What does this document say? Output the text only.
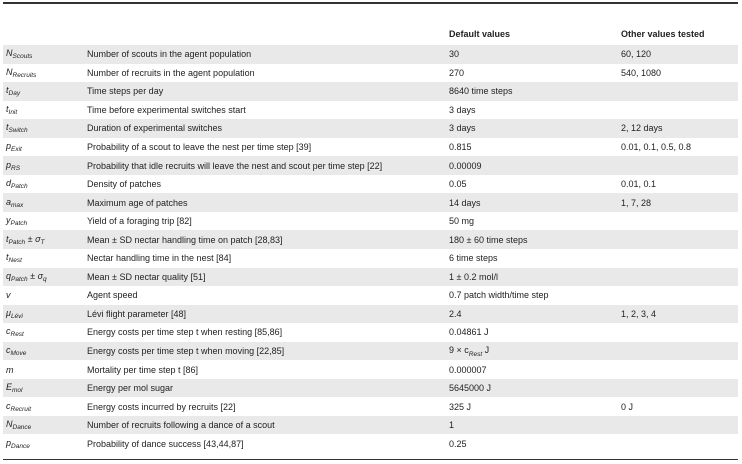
		Default values	Other values tested
$N_{Scouts}$	Number of scouts in the agent population	30	60, 120
$N_{Recruits}$	Number of recruits in the agent population	270	540, 1080
$t_{Day}$	Time steps per day	8640 time steps	
$t_{Init}$	Time before experimental switches start	3 days	
$t_{Switch}$	Duration of experimental switches	3 days	2, 12 days
$p_{Exit}$	Probability of a scout to leave the nest per time step [39]	0.815	0.01, 0.1, 0.5, 0.8
$p_{RS}$	Probability that idle recruits will leave the nest and scout per time step [22]	0.00009	
$d_{Patch}$	Density of patches	0.05	0.01, 0.1
$a_{max}$	Maximum age of patches	14 days	1, 7, 28
$y_{Patch}$	Yield of a foraging trip [82]	50 mg	
$t_{Patch} \pm \sigma_T$	Mean ± SD nectar handling time on patch [28,83]	180 ± 60 time steps	
$t_{Nest}$	Nectar handling time in the nest [84]	6 time steps	
$q_{Patch} \pm \sigma_q$	Mean ± SD nectar quality [51]	1 ± 0.2 mol/l	
v	Agent speed	0.7 patch width/time step	
$\mu_{Lévi}$	Lévi flight parameter [48]	2.4	1, 2, 3, 4
$c_{Rest}$	Energy costs per time step t when resting [85,86]	0.04861 J	
$c_{Move}$	Energy costs per time step t when moving [22,85]	$9 \times c_{Rest}$ J	
m	Mortality per time step t [86]	0.000007	
$E_{mol}$	Energy per mol sugar	5645000 J	
$c_{Recruit}$	Energy costs incurred by recruits [22]	325 J	0 J
$N_{Dance}$	Number of recruits following a dance of a scout	1	
$p_{Dance}$	Probability of dance success [43,44,87]	0.25	
